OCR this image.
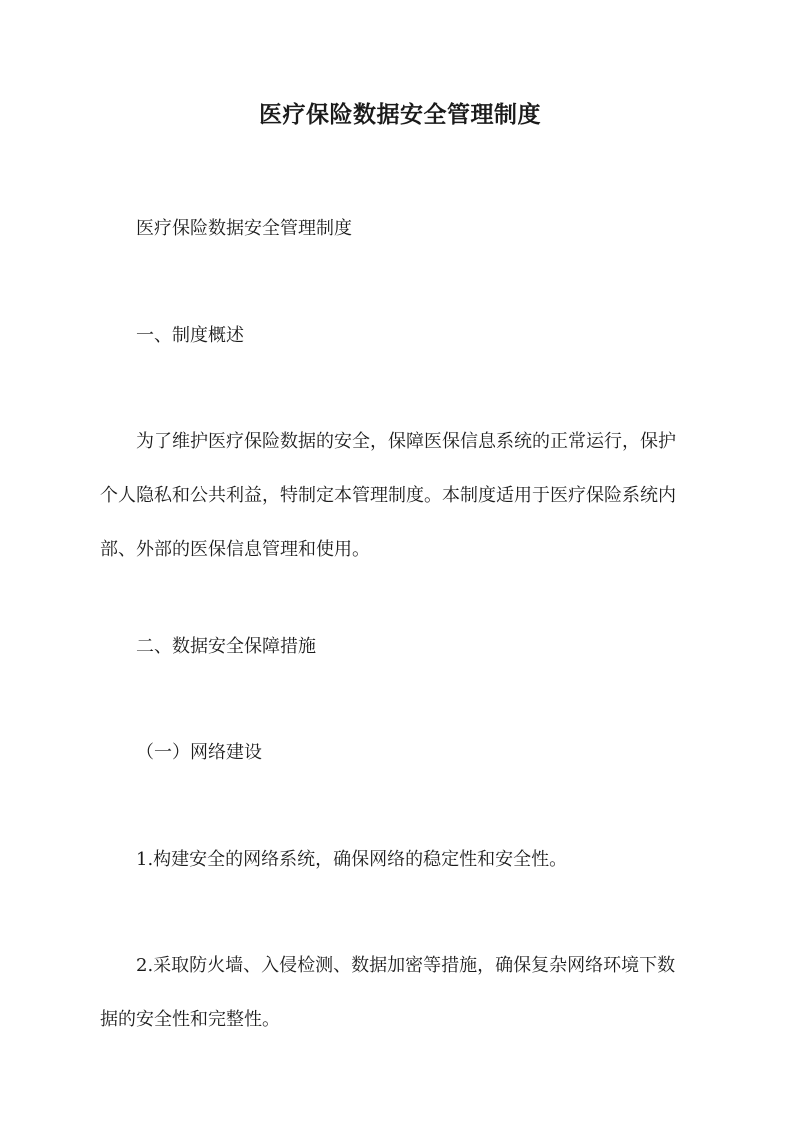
医疗保险数据安全管理制度
医疗保险数据安全管理制度
一、制度概述
为了维护医疗保险数据的安全，保障医保信息系统的正常运行，保护
个人隐私和公共利益，特制定本管理制度。本制度适用于医疗保险系统内
部、外部的医保信息管理和使用。
二、数据安全保障措施
（一）网络建设
1.构建安全的网络系统，确保网络的稳定性和安全性。
2.采取防火墙、入侵检测、数据加密等措施，确保复杂网络环境下数
据的安全性和完整性。
